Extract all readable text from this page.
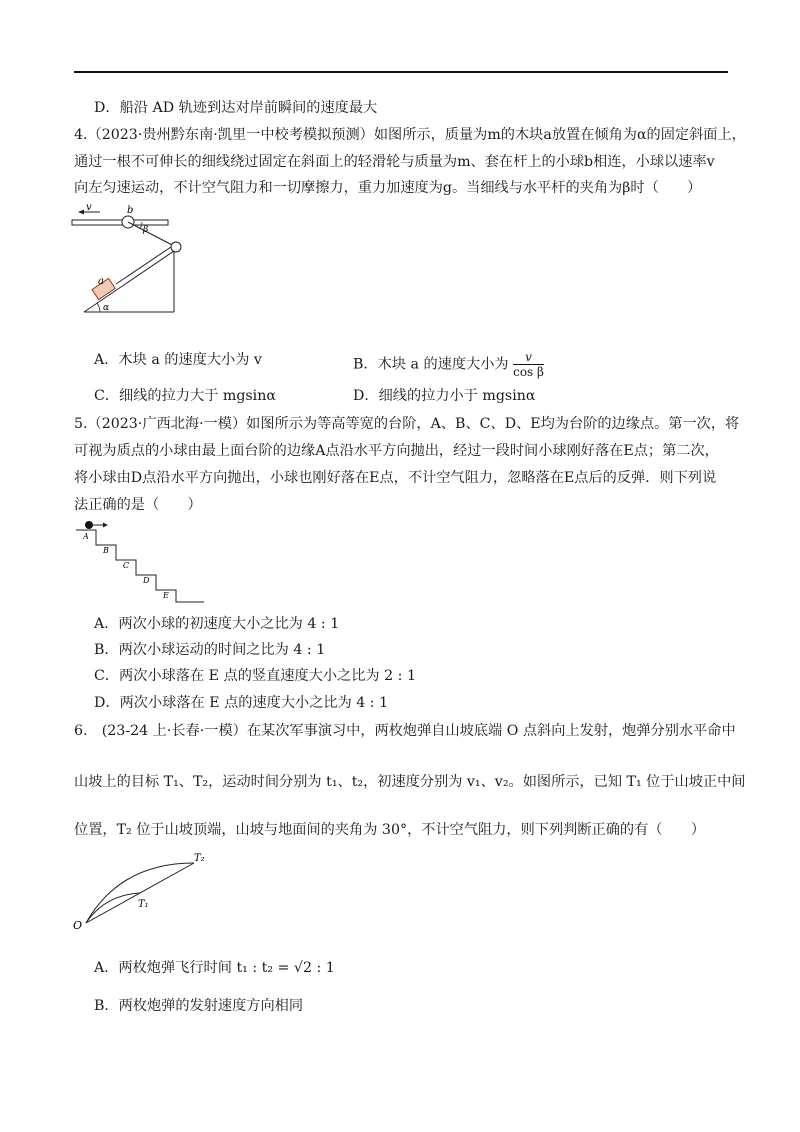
D．船沿 AD 轨迹到达对岸前瞬间的速度最大
4.（2023·贵州黔东南·凯里一中校考模拟预测）如图所示，质量为m的木块a放置在倾角为α的固定斜面上，
通过一根不可伸长的细线绕过固定在斜面上的轻滑轮与质量为m、套在杆上的小球b相连，小球以速率v
向左匀速运动，不计空气阻力和一切摩擦力，重力加速度为g。当细线与水平杆的夹角为β时（　　）
v	b
β
a
α
A．木块 a 的速度大小为 v	B．木块 a 的速度大小为 $\frac{v}{\text{cos β}}$
C．细线的拉力大于 mgsinα	D．细线的拉力小于 mgsinα
5.（2023·广西北海·一模）如图所示为等高等宽的台阶，A、B、C、D、E均为台阶的边缘点。第一次，将
可视为质点的小球由最上面台阶的边缘A点沿水平方向抛出，经过一段时间小球刚好落在E点；第二次，
将小球由D点沿水平方向抛出，小球也刚好落在E点，不计空气阻力，忽略落在E点后的反弹．则下列说
法正确的是（　　）
A
B
C
D
E
A．两次小球的初速度大小之比为 4 : 1
B．两次小球运动的时间之比为 4 : 1
C．两次小球落在 E 点的竖直速度大小之比为 2 : 1
D．两次小球落在 E 点的速度大小之比为 4 : 1
6.　(23-24 上·长春·一模）在某次军事演习中，两枚炮弹自山坡底端 O 点斜向上发射，炮弹分别水平命中
山坡上的目标 T₁、T₂，运动时间分别为 t₁、t₂，初速度分别为 v₁、v₂。如图所示，已知 T₁ 位于山坡正中间
位置，T₂ 位于山坡顶端，山坡与地面间的夹角为 30°，不计空气阻力，则下列判断正确的有（　　）
O
T₁
T₂
A．两枚炮弹飞行时间 t₁ : t₂ = √2 : 1
B．两枚炮弹的发射速度方向相同
